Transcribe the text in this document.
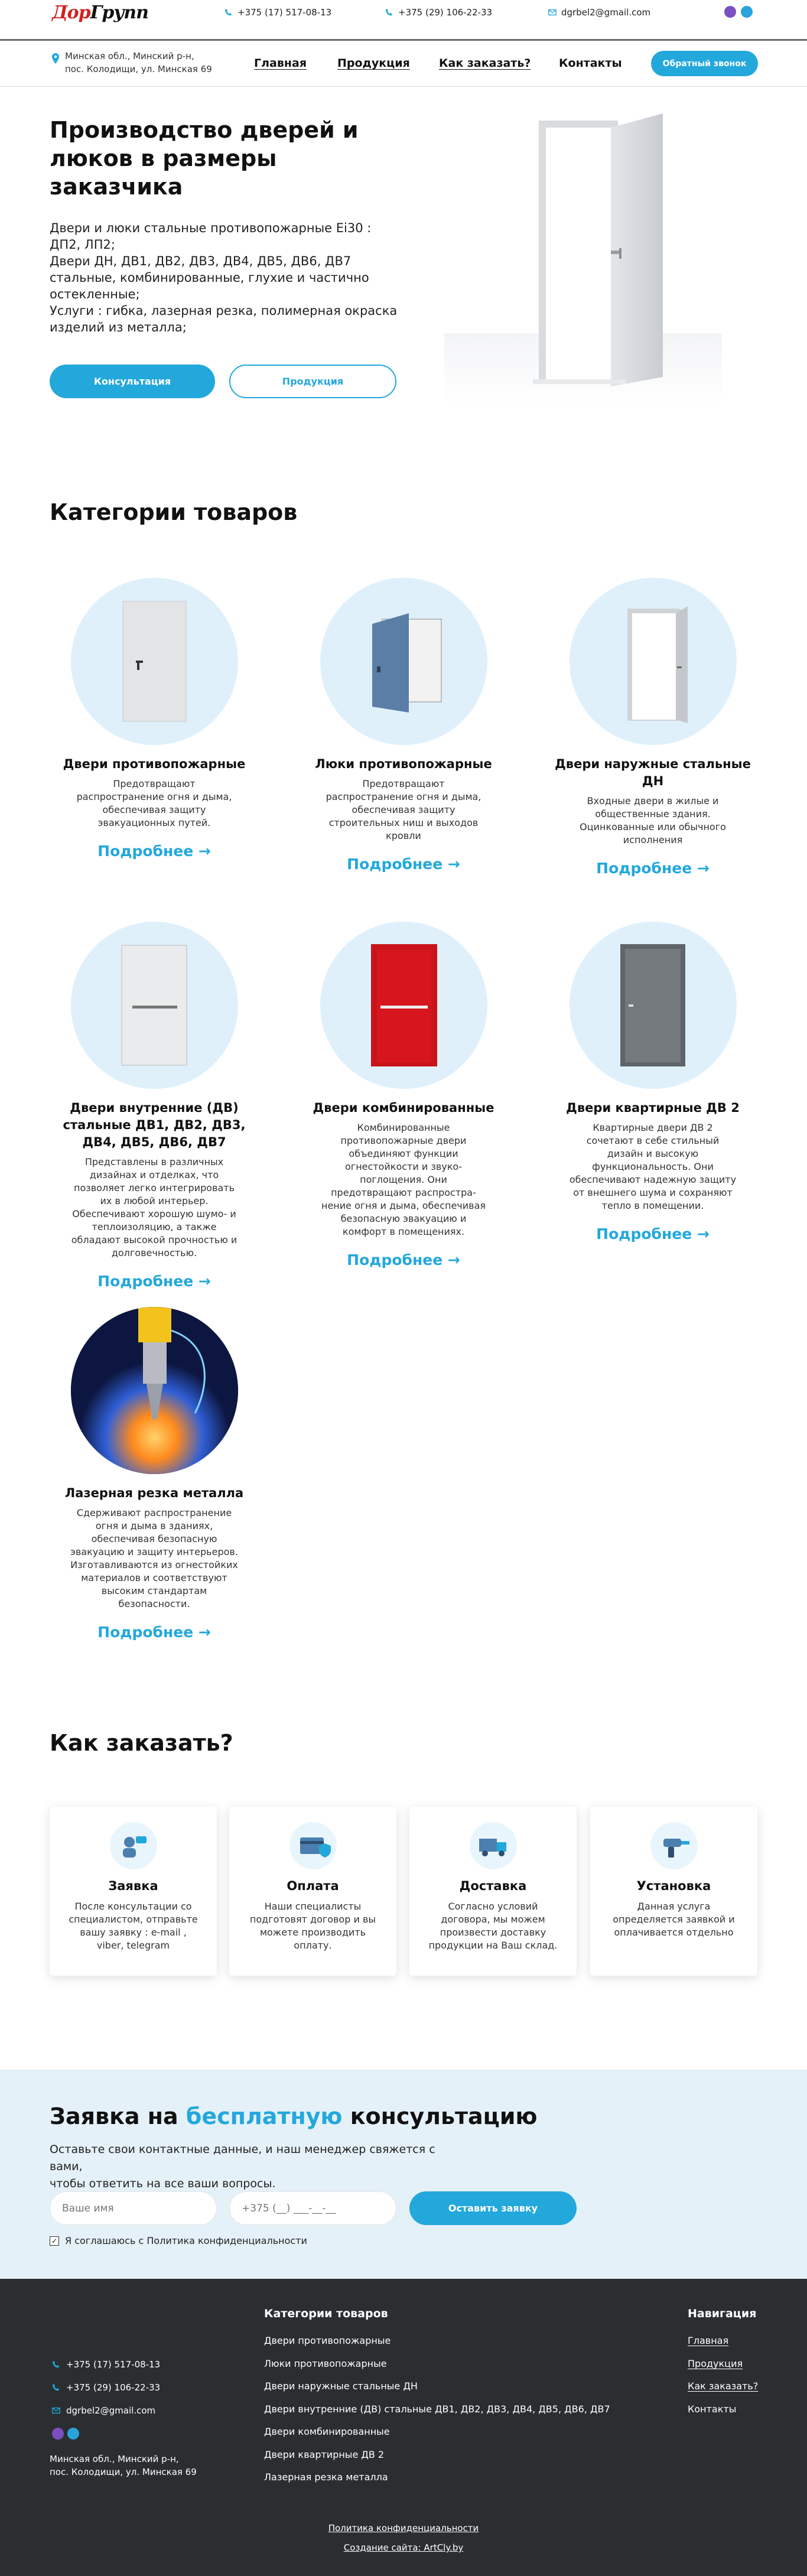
ДорГрупп	+375 (17) 517-08-13	+375 (29) 106-22-33	dgrbel2@gmail.com
Минская обл., Минский р-н,
пос. Колодищи, ул. Минская 69	Главная	Продукция	Как заказать?	Контакты	Обратный звонок
Производство дверей и люков в размеры заказчика
Двери и люки стальные противопожарные Ei30 : ДП2, ЛП2;
Двери ДН, ДВ1, ДВ2, ДВ3, ДВ4, ДВ5, ДВ6, ДВ7 стальные, комбинированные, глухие и частично остекленные;
Услуги : гибка, лазерная резка, полимерная окраска изделий из металла;
Консультация	Продукция
Категории товаров
Двери противопожарные
Предотвращают распространение огня и дыма, обеспечивая защиту эвакуационных путей.
Подробнее →
Люки противопожарные
Предотвращают распространение огня и дыма, обеспечивая защиту строительных ниш и выходов кровли
Подробнее →
Двери наружные стальные ДН
Входные двери в жилые и общественные здания. Оцинкованные или обычного исполнения
Подробнее →
Двери внутренние (ДВ) стальные ДВ1, ДВ2, ДВ3, ДВ4, ДВ5, ДВ6, ДВ7
Представлены в различных дизайнах и отделках, что позволяет легко интегрировать их в любой интерьер. Обеспечивают хорошую шумо- и теплоизоляцию, а также обладают высокой прочностью и долговечностью.
Подробнее →
Двери комбинированные
Комбинированные противопожарные двери объединяют функции огнестойкости и звуко-поглощения. Они предотвращают распростра-нение огня и дыма, обеспечивая безопасную эвакуацию и комфорт в помещениях.
Подробнее →
Двери квартирные ДВ 2
Квартирные двери ДВ 2 сочетают в себе стильный дизайн и высокую функциональность. Они обеспечивают надежную защиту от внешнего шума и сохраняют тепло в помещении.
Подробнее →
Лазерная резка металла
Сдерживают распространение огня и дыма в зданиях, обеспечивая безопасную эвакуацию и защиту интерьеров. Изготавливаются из огнестойких материалов и соответствуют высоким стандартам безопасности.
Подробнее →
Как заказать?
Заявка
После консультации со специалистом, отправьте вашу заявку : e-mail , viber, telegram
Оплата
Наши специалисты подготовят договор и вы можете производить оплату.
Доставка
Согласно условий договора, мы можем произвести доставку продукции на Ваш склад.
Установка
Данная услуга определяется заявкой и оплачивается отдельно
Заявка на бесплатную консультацию
Оставьте свои контактные данные, и наш менеджер свяжется с вами,
чтобы ответить на все ваши вопросы.
Ваше имя
+375 (__) ___-__-__
Оставить заявку
✓ Я соглашаюсь с Политика конфиденциальности
+375 (17) 517-08-13
+375 (29) 106-22-33
dgrbel2@gmail.com
Категории товаров
Двери противопожарные
Люки противопожарные
Двери наружные стальные ДН
Двери внутренние (ДВ) стальные ДВ1, ДВ2, ДВ3, ДВ4, ДВ5, ДВ6, ДВ7
Двери комбинированные
Двери квартирные ДВ 2
Лазерная резка металла
Навигация
Главная
Продукция
Как заказать?
Контакты
Политика конфиденциальности
Создание сайта: ArtCly.by
Минская обл., Минский р-н,
пос. Колодищи, ул. Минская 69
